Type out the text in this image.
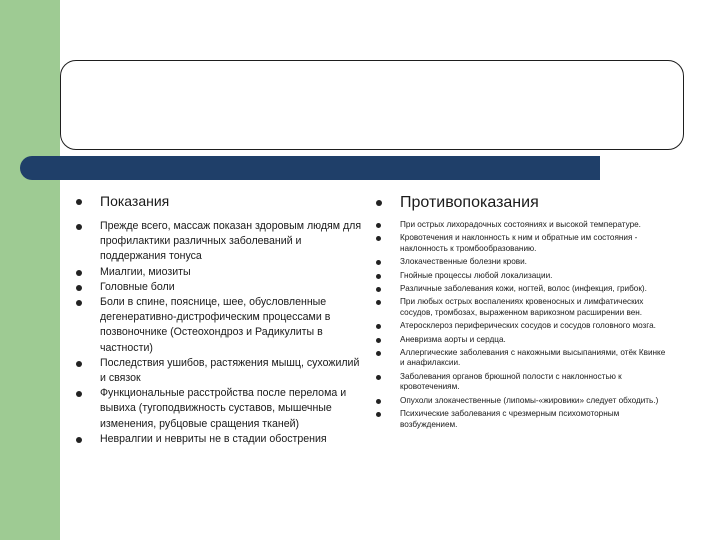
Показания
Прежде всего, массаж показан здоровым людям для профилактики различных заболеваний и поддержания тонуса
Миалгии, миозиты
Головные боли
Боли в спине, пояснице, шее, обусловленные дегенеративно-дистрофическим процессами в позвоночнике (Остеохондроз и Радикулиты в частности)
Последствия ушибов, растяжения мышц, сухожилий и связок
Функциональные расстройства после перелома и вывиха (тугоподвижность суставов, мышечные изменения, рубцовые сращения тканей)
Невралгии и невриты не в стадии обострения
Противопоказания
При острых лихорадочных состояниях и высокой температуре.
Кровотечения и наклонность к ним и обратные им состояния - наклонность к тромбообразованию.
Злокачественные болезни крови.
Гнойные процессы любой локализации.
Различные заболевания кожи, ногтей, волос (инфекция, грибок).
При любых острых воспалениях кровеносных и лимфатических сосудов, тромбозах, выраженном варикозном расширении вен.
Атеросклероз периферических сосудов и сосудов головного мозга.
Аневризма аорты и сердца.
Аллергические заболевания с накожными высыпаниями, отёк Квинке и анафилаксии.
Заболевания органов брюшной полости с наклонностью к кровотечениям.
Опухоли злокачественные (липомы-«жировики» следует обходить.)
Психические заболевания с чрезмерным психомоторным возбуждением.
